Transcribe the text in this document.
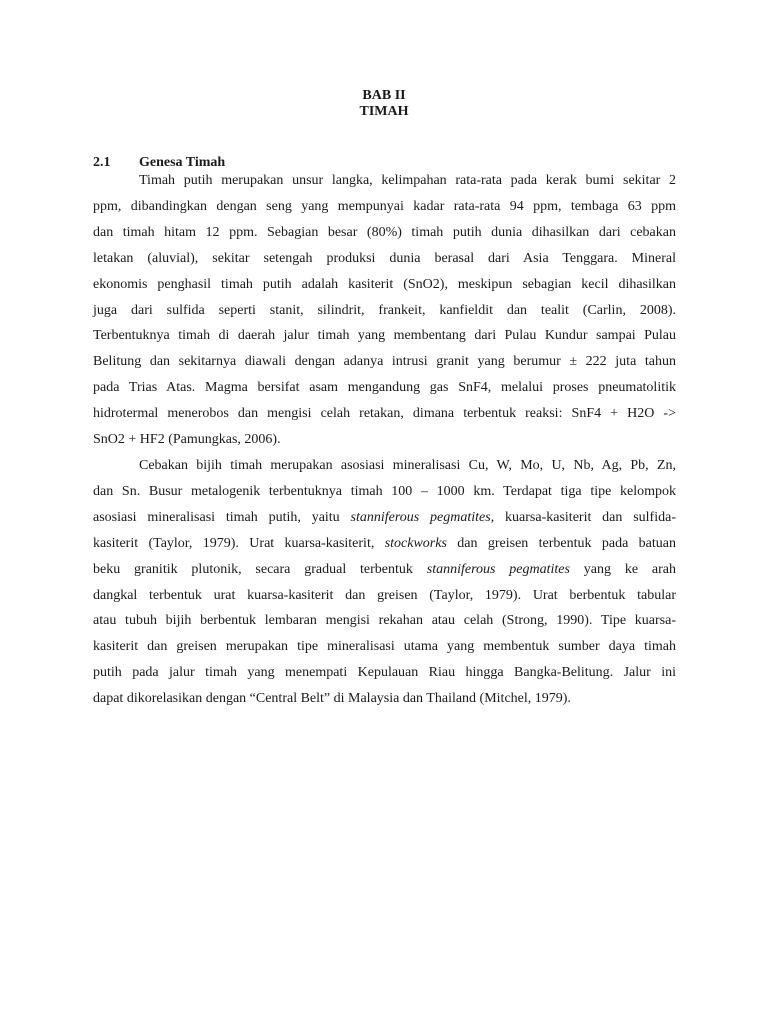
BAB II
TIMAH
2.1 Genesa Timah

Timah putih merupakan unsur langka, kelimpahan rata-rata pada kerak bumi sekitar 2
ppm, dibandingkan dengan seng yang mempunyai kadar rata-rata 94 ppm, tembaga 63 ppm
dan timah hitam 12 ppm. Sebagian besar (80%) timah putih dunia dihasilkan dari cebakan
letakan (aluvial), sekitar setengah produksi dunia berasal dari Asia Tenggara. Mineral
ekonomis penghasil timah putih adalah kasiterit (SnO2), meskipun sebagian kecil dihasilkan
juga dari sulfida seperti stanit, silindrit, frankeit, kanfieldit dan tealit (Carlin, 2008).
Terbentuknya timah di daerah jalur timah yang membentang dari Pulau Kundur sampai Pulau
Belitung dan sekitarnya diawali dengan adanya intrusi granit yang berumur ± 222 juta tahun
pada Trias Atas. Magma bersifat asam mengandung gas SnF4, melalui proses pneumatolitik
hidrotermal menerobos dan mengisi celah retakan, dimana terbentuk reaksi: SnF4 + H2O ->
SnO2 + HF2 (Pamungkas, 2006).

Cebakan bijih timah merupakan asosiasi mineralisasi Cu, W, Mo, U, Nb, Ag, Pb, Zn,
dan Sn. Busur metalogenik terbentuknya timah 100 – 1000 km. Terdapat tiga tipe kelompok
asosiasi mineralisasi timah putih, yaitu stanniferous pegmatites, kuarsa-kasiterit dan sulfida-
kasiterit (Taylor, 1979). Urat kuarsa-kasiterit, stockworks dan greisen terbentuk pada batuan
beku granitik plutonik, secara gradual terbentuk stanniferous pegmatites yang ke arah
dangkal terbentuk urat kuarsa-kasiterit dan greisen (Taylor, 1979). Urat berbentuk tabular
atau tubuh bijih berbentuk lembaran mengisi rekahan atau celah (Strong, 1990). Tipe kuarsa-
kasiterit dan greisen merupakan tipe mineralisasi utama yang membentuk sumber daya timah
putih pada jalur timah yang menempati Kepulauan Riau hingga Bangka-Belitung. Jalur ini
dapat dikorelasikan dengan “Central Belt” di Malaysia dan Thailand (Mitchel, 1979).
